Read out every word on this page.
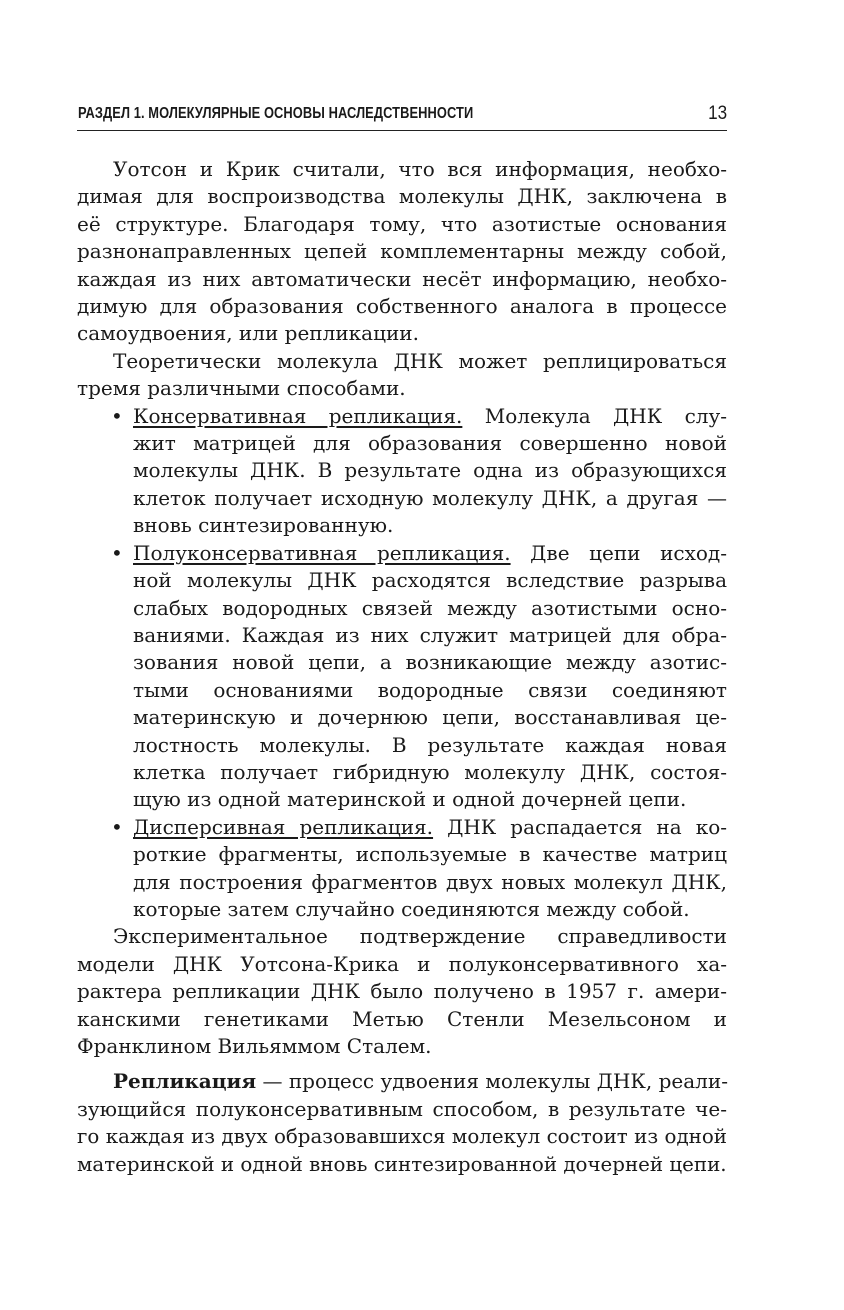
РАЗДЕЛ 1. МОЛЕКУЛЯРНЫЕ ОСНОВЫ НАСЛЕДСТВЕННОСТИ	13
Уотсон и Крик считали, что вся информация, необхо-
димая для воспроизводства молекулы ДНК, заключена в
её структуре. Благодаря тому, что азотистые основания
разнонаправленных цепей комплементарны между собой,
каждая из них автоматически несёт информацию, необхо-
димую для образования собственного аналога в процессе
самоудвоения, или репликации.
Теоретически молекула ДНК может реплицироваться
тремя различными способами.
• Консервативная репликация. Молекула ДНК слу-
жит матрицей для образования совершенно новой
молекулы ДНК. В результате одна из образующихся
клеток получает исходную молекулу ДНК, а другая —
вновь синтезированную.
• Полуконсервативная репликация. Две цепи исход-
ной молекулы ДНК расходятся вследствие разрыва
слабых водородных связей между азотистыми осно-
ваниями. Каждая из них служит матрицей для обра-
зования новой цепи, а возникающие между азотис-
тыми основаниями водородные связи соединяют
материнскую и дочернюю цепи, восстанавливая це-
лостность молекулы. В результате каждая новая
клетка получает гибридную молекулу ДНК, состоя-
щую из одной материнской и одной дочерней цепи.
• Дисперсивная репликация. ДНК распадается на ко-
роткие фрагменты, используемые в качестве матриц
для построения фрагментов двух новых молекул ДНК,
которые затем случайно соединяются между собой.
Экспериментальное подтверждение справедливости
модели ДНК Уотсона-Крика и полуконсервативного ха-
рактера репликации ДНК было получено в 1957 г. амери-
канскими генетиками Метью Стенли Мезельсоном и
Франклином Вильяммом Сталем.
Репликация — процесс удвоения молекулы ДНК, реали-
зующийся полуконсервативным способом, в результате че-
го каждая из двух образовавшихся молекул состоит из одной
материнской и одной вновь синтезированной дочерней цепи.
